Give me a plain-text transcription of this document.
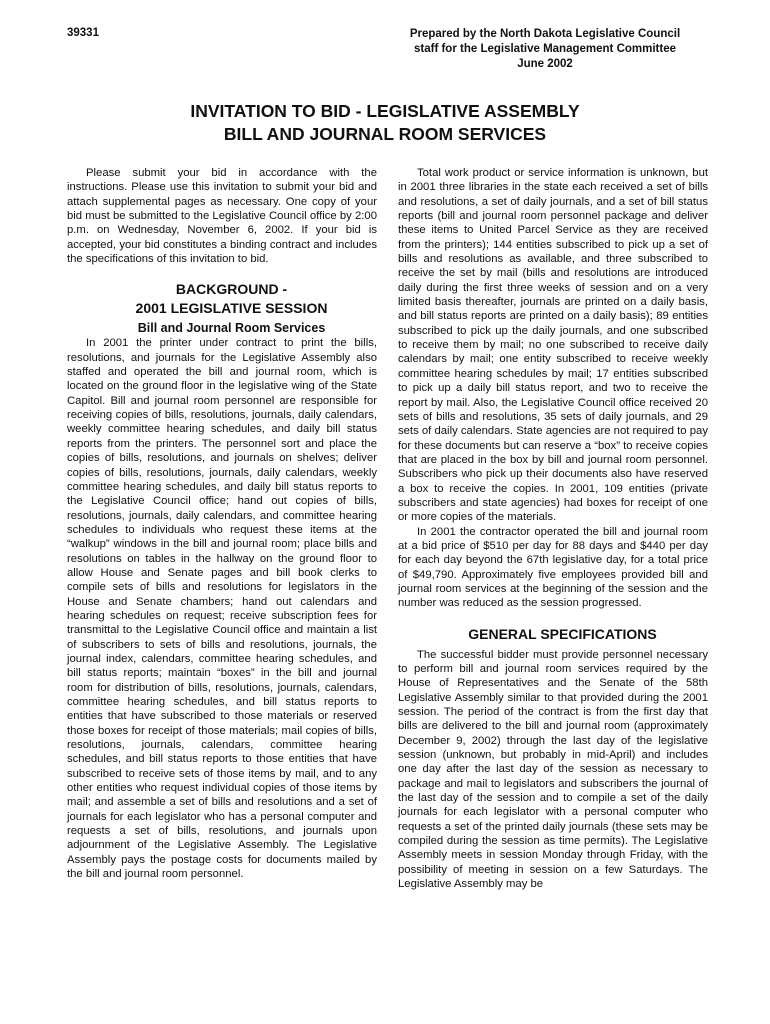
39331	Prepared by the North Dakota Legislative Council
staff for the Legislative Management Committee
June 2002
INVITATION TO BID - LEGISLATIVE ASSEMBLY
BILL AND JOURNAL ROOM SERVICES

Please submit your bid in accordance with the instructions. Please use this invitation to submit your bid and attach supplemental pages as necessary. One copy of your bid must be submitted to the Legislative Council office by 2:00 p.m. on Wednesday, November 6, 2002. If your bid is accepted, your bid constitutes a binding contract and includes the specifications of this invitation to bid.

BACKGROUND -

2001 LEGISLATIVE SESSION

Bill and Journal Room Services

In 2001 the printer under contract to print the bills, resolutions, and journals for the Legislative Assembly also staffed and operated the bill and journal room, which is located on the ground floor in the legislative wing of the State Capitol. Bill and journal room personnel are responsible for receiving copies of bills, resolutions, journals, daily calendars, weekly committee hearing schedules, and daily bill status reports from the printers. The personnel sort and place the copies of bills, resolutions, and journals on shelves; deliver copies of bills, resolutions, journals, daily calendars, weekly committee hearing schedules, and daily bill status reports to the Legislative Council office; hand out copies of bills, resolutions, journals, daily calendars, and committee hearing schedules to individuals who request these items at the “walkup” windows in the bill and journal room; place bills and resolutions on tables in the hallway on the ground floor to allow House and Senate pages and bill book clerks to compile sets of bills and resolutions for legislators in the House and Senate chambers; hand out calendars and hearing schedules on request; receive subscription fees for transmittal to the Legislative Council office and maintain a list of subscribers to sets of bills and resolutions, journals, the journal index, calendars, committee hearing schedules, and bill status reports; maintain “boxes” in the bill and journal room for distribution of bills, resolutions, journals, calendars, committee hearing schedules, and bill status reports to entities that have subscribed to those materials or reserved those boxes for receipt of those materials; mail copies of bills, resolutions, journals, calendars, committee hearing schedules, and bill status reports to those entities that have subscribed to receive sets of those items by mail, and to any other entities who request individual copies of those items by mail; and assemble a set of bills and resolutions and a set of journals for each legislator who has a personal computer and requests a set of bills, resolutions, and journals upon adjournment of the Legislative Assembly. The Legislative Assembly pays the postage costs for documents mailed by the bill and journal room personnel.

Total work product or service information is unknown, but in 2001 three libraries in the state each received a set of bills and resolutions, a set of daily journals, and a set of bill status reports (bill and journal room personnel package and deliver these items to United Parcel Service as they are received from the printers); 144 entities subscribed to pick up a set of bills and resolutions as available, and three subscribed to receive the set by mail (bills and resolutions are introduced daily during the first three weeks of session and on a very limited basis thereafter, journals are printed on a daily basis, and bill status reports are printed on a daily basis); 89 entities subscribed to pick up the daily journals, and one subscribed to receive them by mail; no one subscribed to receive daily calendars by mail; one entity subscribed to receive weekly committee hearing schedules by mail; 17 entities subscribed to pick up a daily bill status report, and two to receive the report by mail. Also, the Legislative Council office received 20 sets of bills and resolutions, 35 sets of daily journals, and 29 sets of daily calendars. State agencies are not required to pay for these documents but can reserve a “box” to receive copies that are placed in the box by bill and journal room personnel. Subscribers who pick up their documents also have reserved a box to receive the copies. In 2001, 109 entities (private subscribers and state agencies) had boxes for receipt of one or more copies of the materials.

In 2001 the contractor operated the bill and journal room at a bid price of $510 per day for 88 days and $440 per day for each day beyond the 67th legislative day, for a total price of $49,790. Approximately five employees provided bill and journal room services at the beginning of the session and the number was reduced as the session progressed.

GENERAL SPECIFICATIONS

The successful bidder must provide personnel necessary to perform bill and journal room services required by the House of Representatives and the Senate of the 58th Legislative Assembly similar to that provided during the 2001 session. The period of the contract is from the first day that bills are delivered to the bill and journal room (approximately December 9, 2002) through the last day of the legislative session (unknown, but probably in mid-April) and includes one day after the last day of the session as necessary to package and mail to legislators and subscribers the journal of the last day of the session and to compile a set of the daily journals for each legislator with a personal computer who requests a set of the printed daily journals (these sets may be compiled during the session as time permits). The Legislative Assembly meets in session Monday through Friday, with the possibility of meeting in session on a few Saturdays. The Legislative Assembly may be
